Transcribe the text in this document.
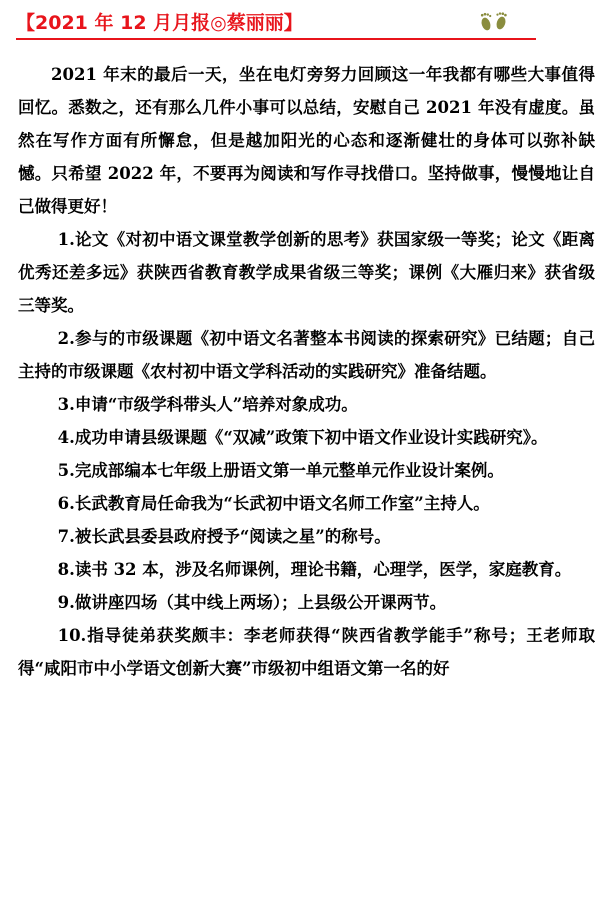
【2021 年 12 月月报◎蔡丽丽】

2021 年末的最后一天，坐在电灯旁努力回顾这一年我都有哪些大事值得回忆。悉数之，还有那么几件小事可以总结，安慰自己 2021 年没有虚度。虽然在写作方面有所懈怠，但是越加阳光的心态和逐渐健壮的身体可以弥补缺憾。只希望 2022 年，不要再为阅读和写作寻找借口。坚持做事，慢慢地让自己做得更好！

1.论文《对初中语文课堂教学创新的思考》获国家级一等奖；论文《距离优秀还差多远》获陕西省教育教学成果省级三等奖；课例《大雁归来》获省级三等奖。

2.参与的市级课题《初中语文名著整本书阅读的探索研究》已结题；自己主持的市级课题《农村初中语文学科活动的实践研究》准备结题。

3.申请“市级学科带头人”培养对象成功。

4.成功申请县级课题《“双减”政策下初中语文作业设计实践研究》。

5.完成部编本七年级上册语文第一单元整单元作业设计案例。

6.长武教育局任命我为“长武初中语文名师工作室”主持人。

7.被长武县委县政府授予“阅读之星”的称号。

8.读书 32 本，涉及名师课例，理论书籍，心理学，医学，家庭教育。

9.做讲座四场（其中线上两场）；上县级公开课两节。

10.指导徒弟获奖颇丰：李老师获得“陕西省教学能手”称号；王老师取得“咸阳市中小学语文创新大赛”市级初中组语文第一名的好
